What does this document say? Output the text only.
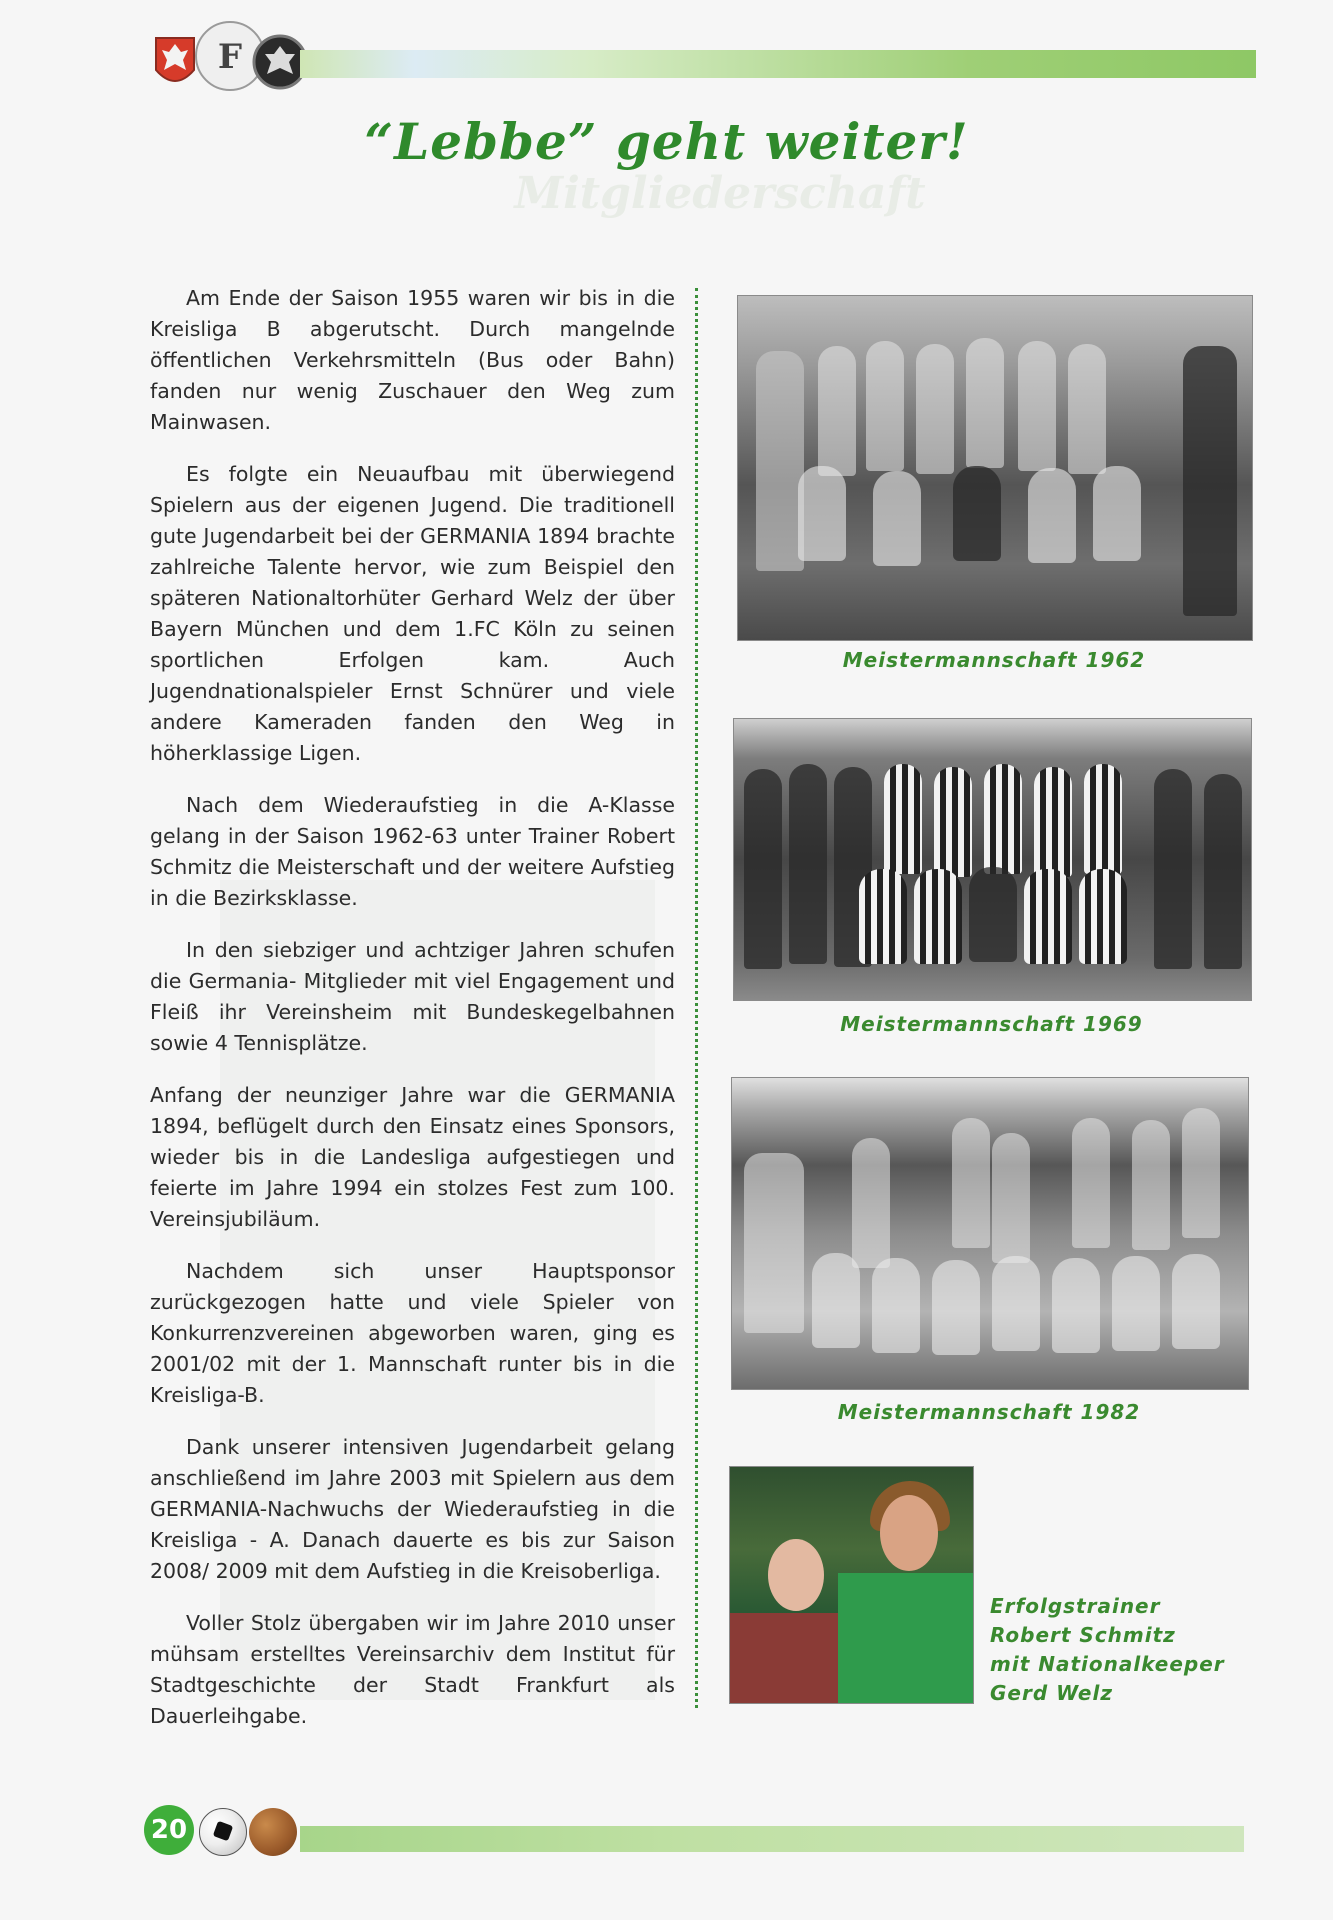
F
Mitgliederschaft
“Lebbe” geht weiter!

Am Ende der Saison 1955 waren wir bis in die Kreisliga B abgerutscht. Durch mangelnde öffentlichen Verkehrsmitteln (Bus oder Bahn) fanden nur wenig Zuschauer den Weg zum Mainwasen.

Es folgte ein Neuaufbau mit überwiegend Spielern aus der eigenen Jugend. Die traditionell gute Jugendarbeit bei der GERMANIA 1894 brachte zahlreiche Talente hervor, wie zum Beispiel den späteren Nationaltorhüter Gerhard Welz der über Bayern München und dem 1.FC Köln zu seinen sportlichen Erfolgen kam. Auch Jugendnationalspieler Ernst Schnürer und viele andere Kameraden fanden den Weg in höherklassige Ligen.

Nach dem Wiederaufstieg in die A-Klasse gelang in der Saison 1962-63 unter Trainer Robert Schmitz die Meisterschaft und der weitere Aufstieg in die Bezirksklasse.

In den siebziger und achtziger Jahren schufen die Germania- Mitglieder mit viel Engagement und Fleiß ihr Vereinsheim mit Bundeskegelbahnen sowie 4 Tennisplätze.

Anfang der neunziger Jahre war die GERMANIA 1894, beflügelt durch den Einsatz eines Sponsors, wieder bis in die Landesliga aufgestiegen und feierte im Jahre 1994 ein stolzes Fest zum 100. Vereinsjubiläum.

Nachdem sich unser Hauptsponsor zurückgezogen hatte und viele Spieler von Konkurrenzvereinen abgeworben waren, ging es 2001/02 mit der 1. Mannschaft runter bis in die Kreisliga-B.

Dank unserer intensiven Jugendarbeit gelang anschließend im Jahre 2003 mit Spielern aus dem GERMANIA-Nachwuchs der Wiederaufstieg in die Kreisliga - A. Danach dauerte es bis zur Saison 2008/ 2009 mit dem Aufstieg in die Kreisoberliga.

Voller Stolz übergaben wir im Jahre 2010 unser mühsam erstelltes Vereinsarchiv dem Institut für Stadtgeschichte der Stadt Frankfurt als Dauerleihgabe.

Meistermannschaft 1962
Meistermannschaft 1969
Meistermannschaft 1982
Erfolgstrainer
Robert Schmitz
mit Nationalkeeper
Gerd Welz
20
